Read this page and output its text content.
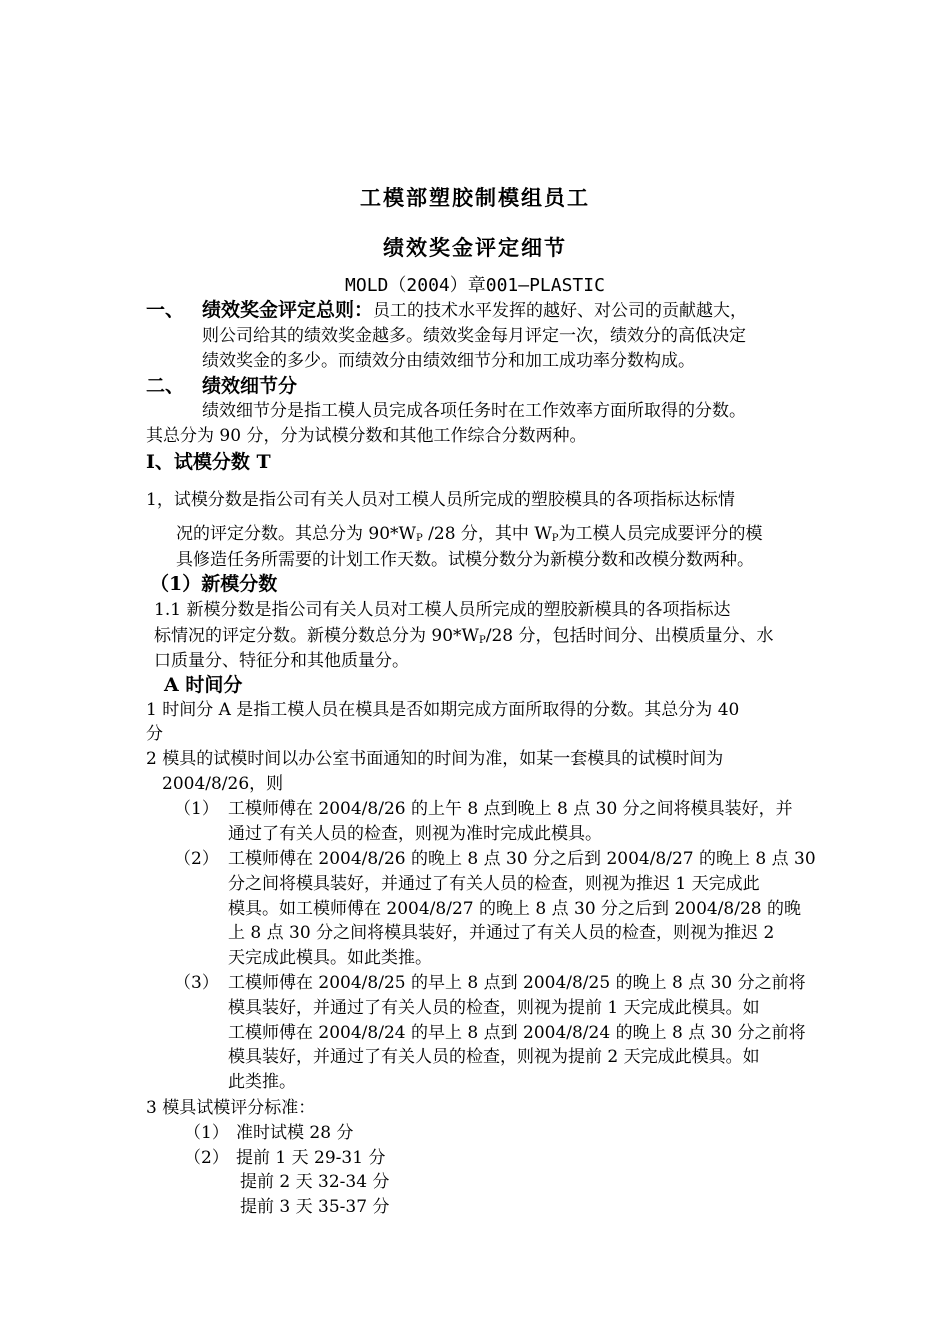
工模部塑胶制模组员工
绩效奖金评定细节
MOLD（2004）章001—PLASTIC
一、 绩效奖金评定总则：员工的技术水平发挥的越好、对公司的贡献越大，
则公司给其的绩效奖金越多。绩效奖金每月评定一次，绩效分的高低决定
绩效奖金的多少。而绩效分由绩效细节分和加工成功率分数构成。
二、 绩效细节分
绩效细节分是指工模人员完成各项任务时在工作效率方面所取得的分数。
其总分为 90 分，分为试模分数和其他工作综合分数两种。
I、试模分数 T
1，试模分数是指公司有关人员对工模人员所完成的塑胶模具的各项指标达标情
况的评定分数。其总分为 $90*W_P$ /28 分，其中 $W_P$为工模人员完成要评分的模
具修造任务所需要的计划工作天数。试模分数分为新模分数和改模分数两种。
（1）新模分数
1.1 新模分数是指公司有关人员对工模人员所完成的塑胶新模具的各项指标达
标情况的评定分数。新模分数总分为 $90*W_P/28$ 分，包括时间分、出模质量分、水
口质量分、特征分和其他质量分。
A 时间分
1 时间分 A 是指工模人员在模具是否如期完成方面所取得的分数。其总分为 40
分
2 模具的试模时间以办公室书面通知的时间为准，如某一套模具的试模时间为
2004/8/26，则
（1） 工模师傅在 2004/8/26 的上午 8 点到晚上 8 点 30 分之间将模具装好，并
通过了有关人员的检查，则视为准时完成此模具。
（2） 工模师傅在 2004/8/26 的晚上 8 点 30 分之后到 2004/8/27 的晚上 8 点 30
分之间将模具装好，并通过了有关人员的检查，则视为推迟 1 天完成此
模具。如工模师傅在 2004/8/27 的晚上 8 点 30 分之后到 2004/8/28 的晚
上 8 点 30 分之间将模具装好，并通过了有关人员的检查，则视为推迟 2
天完成此模具。如此类推。
（3） 工模师傅在 2004/8/25 的早上 8 点到 2004/8/25 的晚上 8 点 30 分之前将
模具装好，并通过了有关人员的检查，则视为提前 1 天完成此模具。如
工模师傅在 2004/8/24 的早上 8 点到 2004/8/24 的晚上 8 点 30 分之前将
模具装好，并通过了有关人员的检查，则视为提前 2 天完成此模具。如
此类推。
3 模具试模评分标准：
（1） 准时试模 28 分
（2） 提前 1 天 29-31 分
提前 2 天 32-34 分
提前 3 天 35-37 分
